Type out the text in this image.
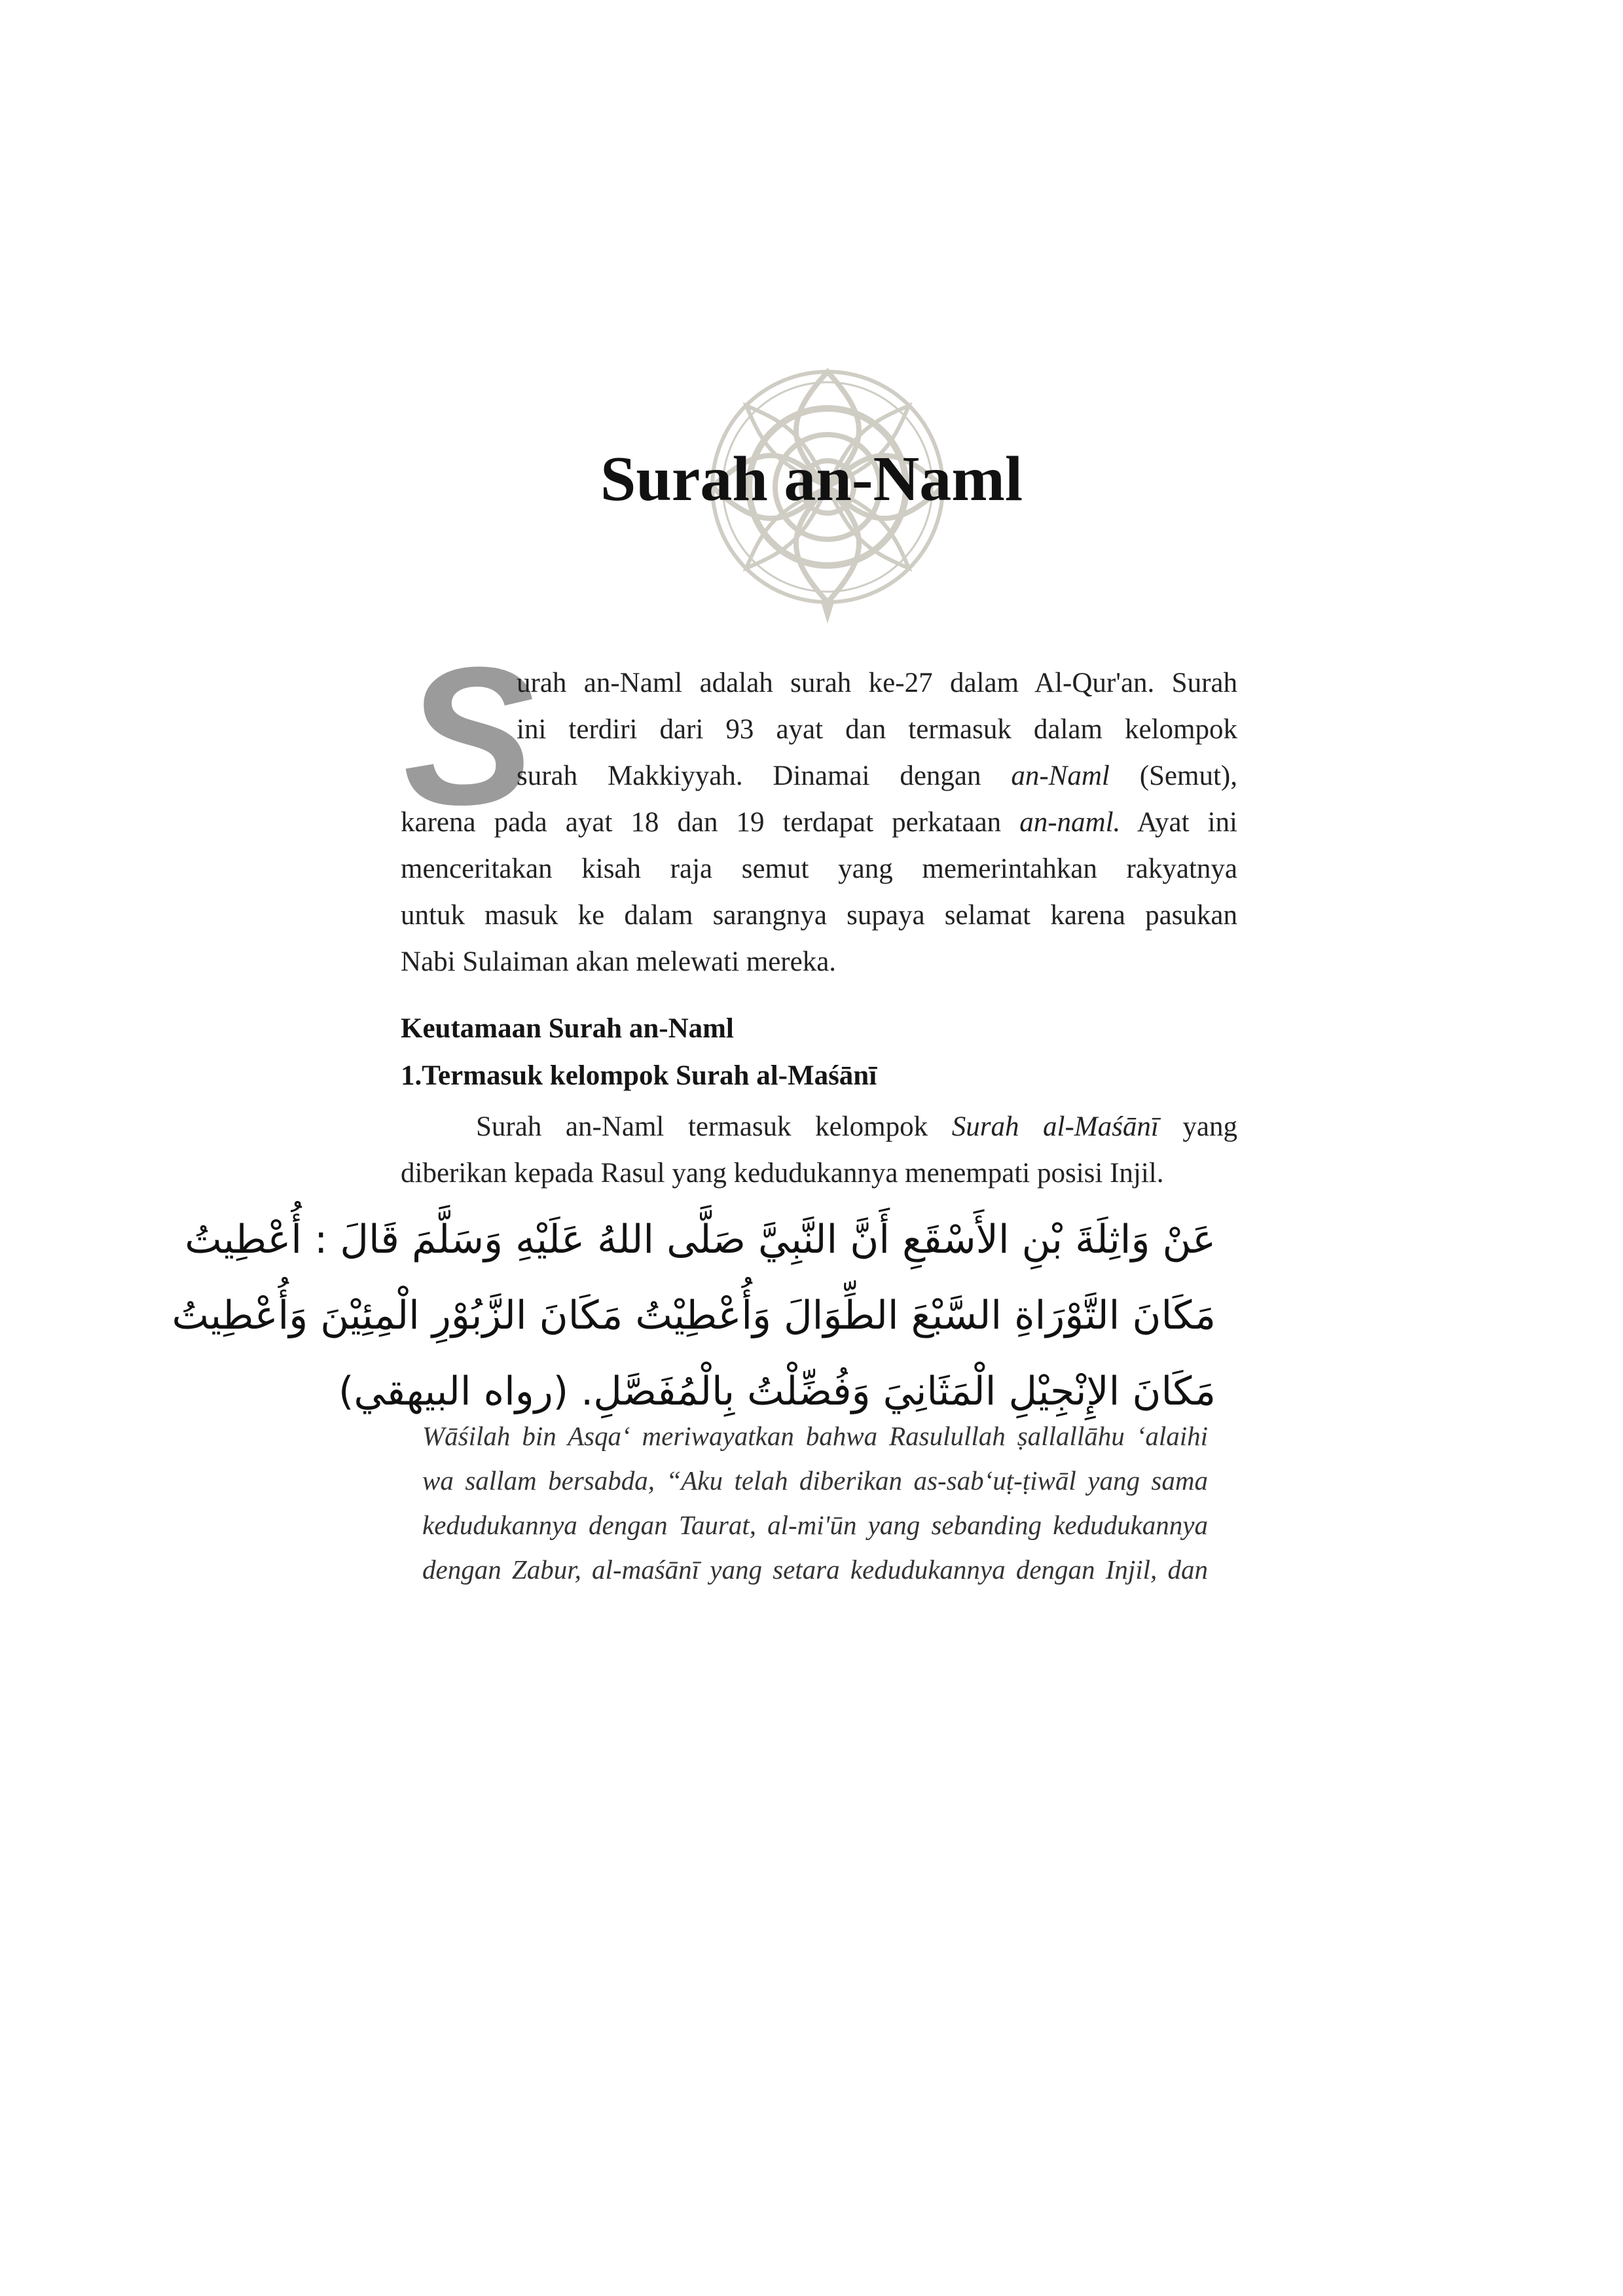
Surah an-Naml
S
urah an-Naml adalah surah ke-27 dalam Al-Qur'an. Surah
ini terdiri dari 93 ayat dan termasuk dalam kelompok
surah Makkiyyah. Dinamai dengan an-Naml (Semut),
karena pada ayat 18 dan 19 terdapat perkataan an-naml. Ayat ini
menceritakan kisah raja semut yang memerintahkan rakyatnya
untuk masuk ke dalam sarangnya supaya selamat karena pasukan
Nabi Sulaiman akan melewati mereka.
Keutamaan Surah an-Naml
1.Termasuk kelompok Surah al-Maśānī
Surah an-Naml termasuk kelompok Surah al-Maśānī yang
diberikan kepada Rasul yang kedudukannya menempati posisi Injil.
عَنْ وَاثِلَةَ بْنِ الأَسْقَعِ أَنَّ النَّبِيَّ صَلَّى اللهُ عَلَيْهِ وَسَلَّمَ قَالَ : أُعْطِيتُ
مَكَانَ التَّوْرَاةِ السَّبْعَ الطِّوَالَ وَأُعْطِيْتُ مَكَانَ الزَّبُوْرِ الْمِئِيْنَ وَأُعْطِيتُ
مَكَانَ الإِنْجِيْلِ الْمَثَانِيَ وَفُضِّلْتُ بِالْمُفَصَّلِ. (رواه البيهقي)
Wāśilah bin Asqa‘ meriwayatkan bahwa Rasulullah ṣallallāhu ‘alaihi
wa sallam bersabda, “Aku telah diberikan as-sab‘uṭ-ṭiwāl yang sama
kedudukannya dengan Taurat, al-mi'ūn yang sebanding kedudukannya
dengan Zabur, al-maśānī yang setara kedudukannya dengan Injil, dan
